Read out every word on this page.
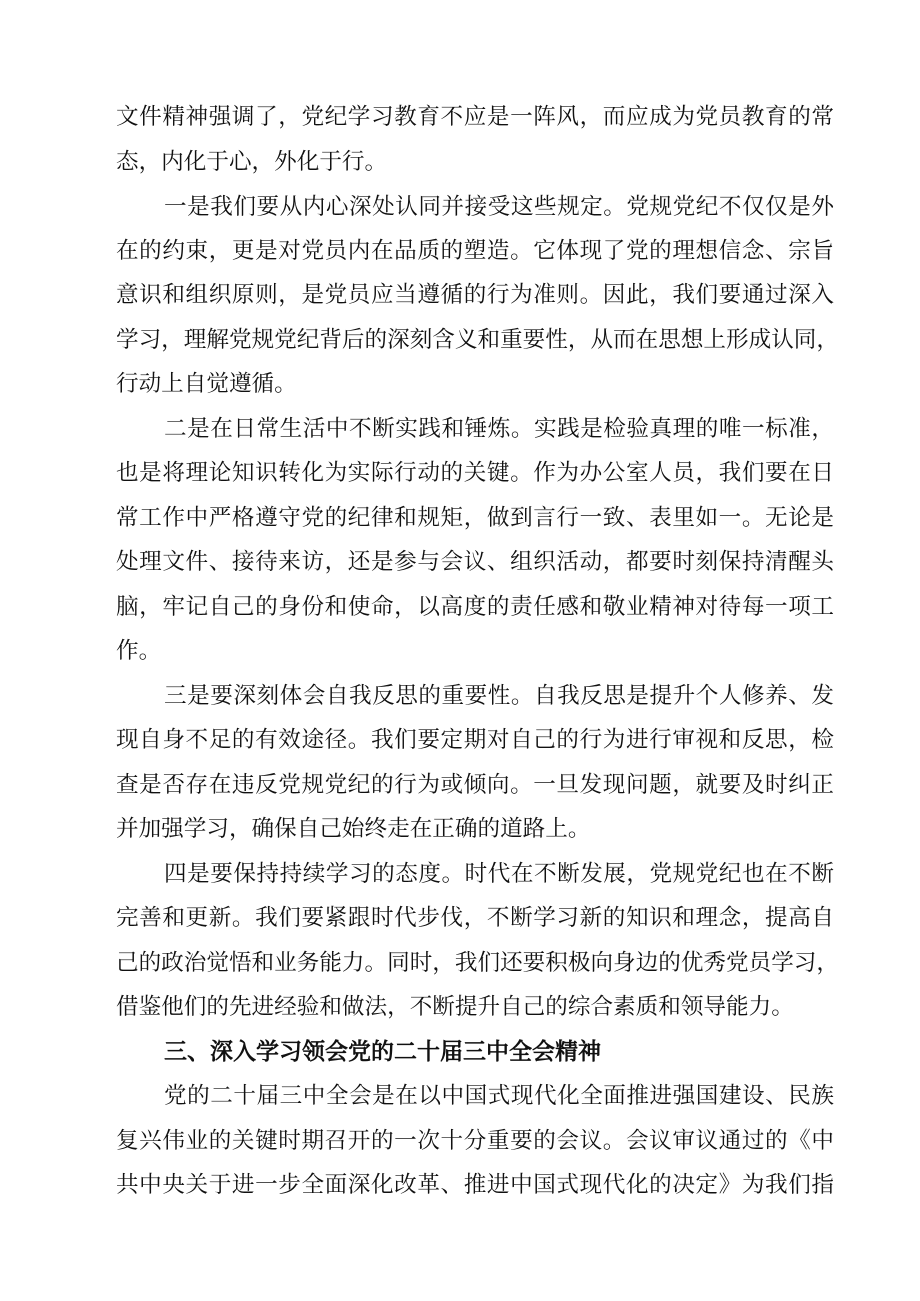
文件精神强调了，党纪学习教育不应是一阵风，而应成为党员教育的常
态，内化于心，外化于行。
一是我们要从内心深处认同并接受这些规定。党规党纪不仅仅是外
在的约束，更是对党员内在品质的塑造。它体现了党的理想信念、宗旨
意识和组织原则，是党员应当遵循的行为准则。因此，我们要通过深入
学习，理解党规党纪背后的深刻含义和重要性，从而在思想上形成认同，
行动上自觉遵循。
二是在日常生活中不断实践和锤炼。实践是检验真理的唯一标准，
也是将理论知识转化为实际行动的关键。作为办公室人员，我们要在日
常工作中严格遵守党的纪律和规矩，做到言行一致、表里如一。无论是
处理文件、接待来访，还是参与会议、组织活动，都要时刻保持清醒头
脑，牢记自己的身份和使命，以高度的责任感和敬业精神对待每一项工
作。
三是要深刻体会自我反思的重要性。自我反思是提升个人修养、发
现自身不足的有效途径。我们要定期对自己的行为进行审视和反思，检
查是否存在违反党规党纪的行为或倾向。一旦发现问题，就要及时纠正
并加强学习，确保自己始终走在正确的道路上。
四是要保持持续学习的态度。时代在不断发展，党规党纪也在不断
完善和更新。我们要紧跟时代步伐，不断学习新的知识和理念，提高自
己的政治觉悟和业务能力。同时，我们还要积极向身边的优秀党员学习，
借鉴他们的先进经验和做法，不断提升自己的综合素质和领导能力。
三、深入学习领会党的二十届三中全会精神
党的二十届三中全会是在以中国式现代化全面推进强国建设、民族
复兴伟业的关键时期召开的一次十分重要的会议。会议审议通过的《中
共中央关于进一步全面深化改革、推进中国式现代化的决定》为我们指
